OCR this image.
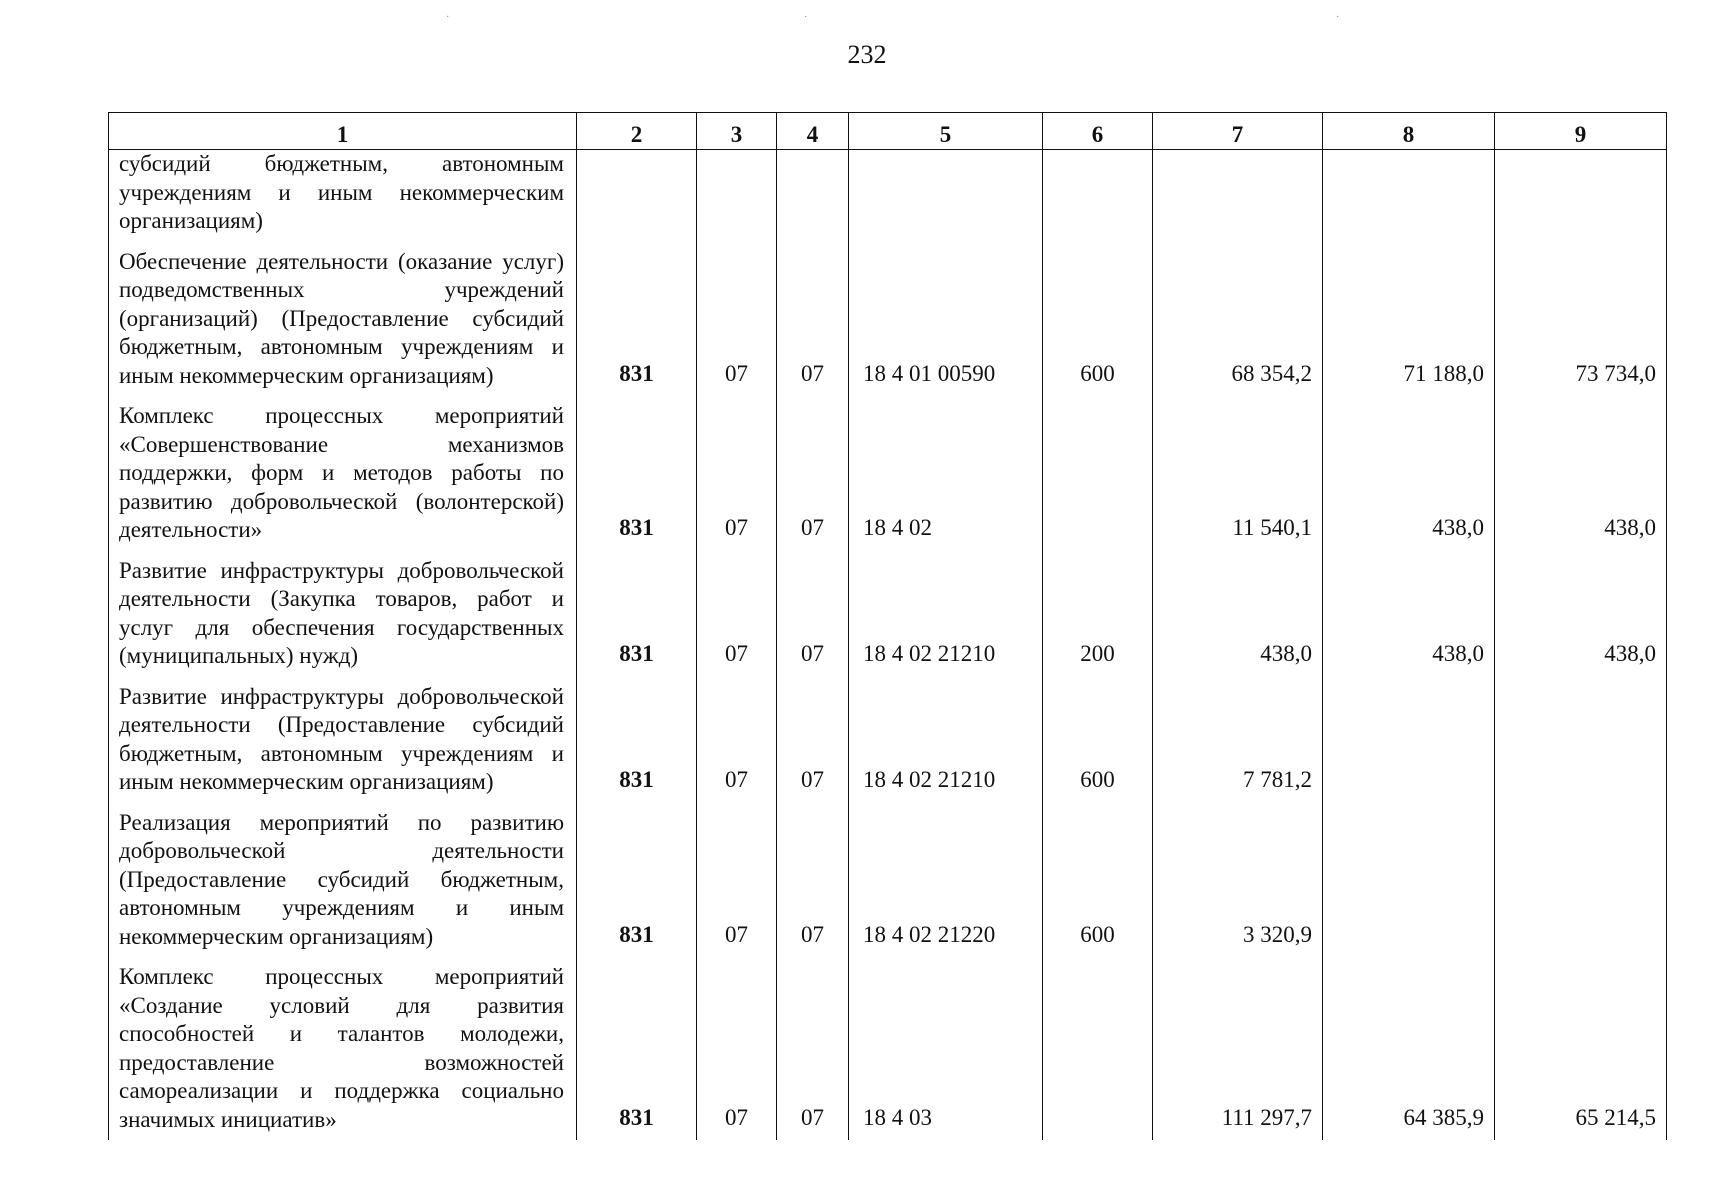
·	·	·
232
1	2	3	4	5	6	7	8	9
субсидий бюджетным, автономным учреждениям и иным некоммерческим организациям)								
Обеспечение деятельности (оказание услуг) подведомственных учреждений (организаций) (Предоставление субсидий бюджетным, автономным учреждениям и иным некоммерческим организациям)	831	07	07	18 4 01 00590	600	68 354,2	71 188,0	73 734,0
Комплекс процессных мероприятий «Совершенствование механизмов поддержки, форм и методов работы по развитию добровольческой (волонтерской) деятельности»	831	07	07	18 4 02		11 540,1	438,0	438,0
Развитие инфраструктуры добровольческой деятельности (Закупка товаров, работ и услуг для обеспечения государственных (муниципальных) нужд)	831	07	07	18 4 02 21210	200	438,0	438,0	438,0
Развитие инфраструктуры добровольческой деятельности (Предоставление субсидий бюджетным, автономным учреждениям и иным некоммерческим организациям)	831	07	07	18 4 02 21210	600	7 781,2		
Реализация мероприятий по развитию добровольческой деятельности (Предоставление субсидий бюджетным, автономным учреждениям и иным некоммерческим организациям)	831	07	07	18 4 02 21220	600	3 320,9		
Комплекс процессных мероприятий «Создание условий для развития способностей и талантов молодежи, предоставление возможностей самореализации и поддержка социально значимых инициатив»	831	07	07	18 4 03		111 297,7	64 385,9	65 214,5
